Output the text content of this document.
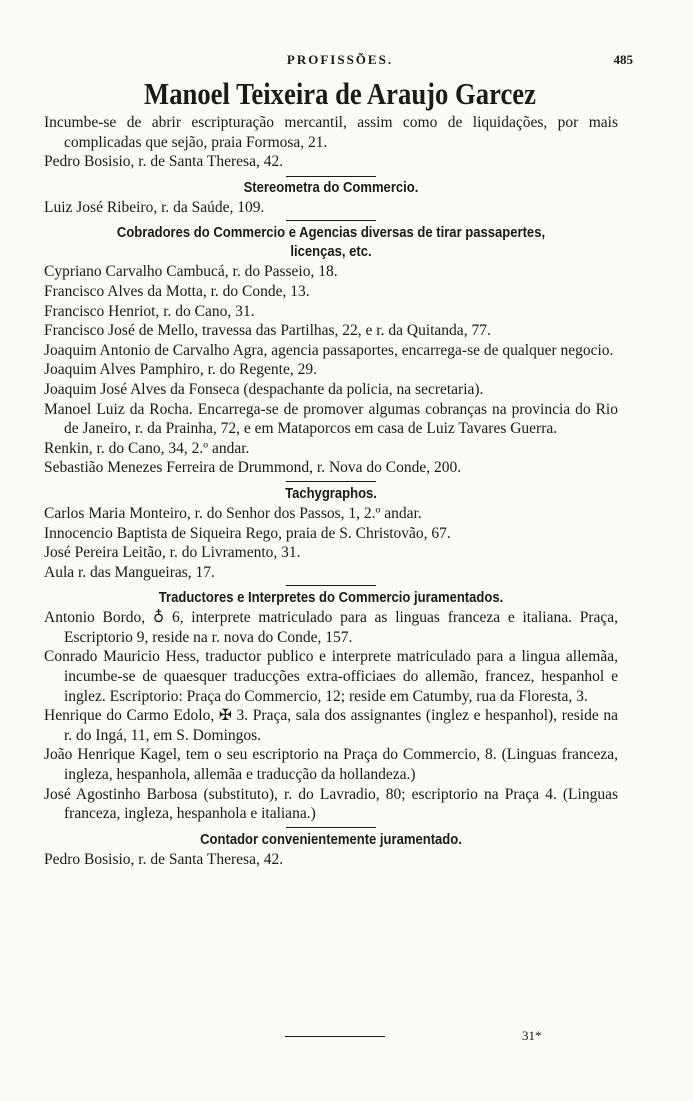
PROFISSÕES.	485
Manoel Teixeira de Araujo Garcez
Incumbe-se de abrir escripturação mercantil, assim como de liquidações, por mais complicadas que sejão, praia Formosa, 21.
Pedro Bosisio, r. de Santa Theresa, 42.
Stereometra do Commercio.
Luiz José Ribeiro, r. da Saúde, 109.
Cobradores do Commercio e Agencias diversas de tirar passapertes,
licenças, etc.
Cypriano Carvalho Cambucá, r. do Passeio, 18.
Francisco Alves da Motta, r. do Conde, 13.
Francisco Henriot, r. do Cano, 31.
Francisco José de Mello, travessa das Partilhas, 22, e r. da Quitanda, 77.
Joaquim Antonio de Carvalho Agra, agencia passaportes, encarrega-se de qualquer negocio.
Joaquim Alves Pamphiro, r. do Regente, 29.
Joaquim José Alves da Fonseca (despachante da policia, na secretaria).
Manoel Luiz da Rocha. Encarrega-se de promover algumas cobranças na provincia do Rio de Janeiro, r. da Prainha, 72, e em Mataporcos em casa de Luiz Tavares Guerra.
Renkin, r. do Cano, 34, 2.º andar.
Sebastião Menezes Ferreira de Drummond, r. Nova do Conde, 200.
Tachygraphos.
Carlos Maria Monteiro, r. do Senhor dos Passos, 1, 2.º andar.
Innocencio Baptista de Siqueira Rego, praia de S. Christovão, 67.
José Pereira Leitão, r. do Livramento, 31.
Aula r. das Mangueiras, 17.
Traductores e Interpretes do Commercio juramentados.
Antonio Bordo, ♁ 6, interprete matriculado para as linguas franceza e italiana. Praça, Escriptorio 9, reside na r. nova do Conde, 157.
Conrado Mauricio Hess, traductor publico e interprete matriculado para a lingua allemãa, incumbe-se de quaesquer traducções extra-officiaes do allemão, francez, hespanhol e inglez. Escriptorio: Praça do Commercio, 12; reside em Catumby, rua da Floresta, 3.
Henrique do Carmo Edolo, ✠ 3. Praça, sala dos assignantes (inglez e hespanhol), reside na r. do Ingá, 11, em S. Domingos.
João Henrique Kagel, tem o seu escriptorio na Praça do Commercio, 8. (Linguas franceza, ingleza, hespanhola, allemãa e traducção da hollandeza.)
José Agostinho Barbosa (substituto), r. do Lavradio, 80; escriptorio na Praça 4. (Linguas franceza, ingleza, hespanhola e italiana.)
Contador convenientemente juramentado.
Pedro Bosisio, r. de Santa Theresa, 42.
31*
